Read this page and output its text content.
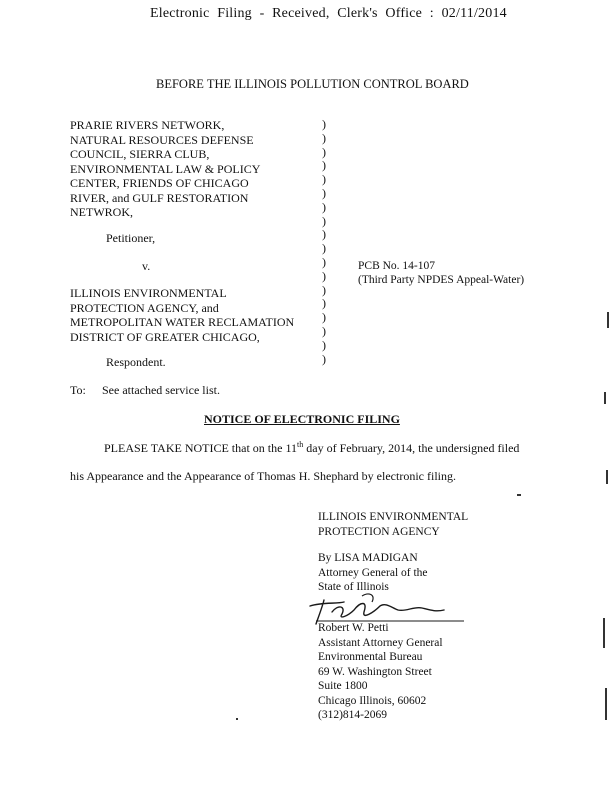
Electronic Filing - Received, Clerk's Office : 02/11/2014
BEFORE THE ILLINOIS POLLUTION CONTROL BOARD
PRARIE RIVERS NETWORK,
NATURAL RESOURCES DEFENSE
COUNCIL, SIERRA CLUB,
ENVIRONMENTAL LAW & POLICY
CENTER, FRIENDS OF CHICAGO
RIVER, and GULF RESTORATION
NETWROK,
Petitioner,
v.
)
)
)
)
)
)
)
)
)
)
)
)
)
)
)
)
)
)
PCB No. 14-107
(Third Party NPDES Appeal-Water)
ILLINOIS ENVIRONMENTAL
PROTECTION AGENCY, and
METROPOLITAN WATER RECLAMATION
DISTRICT OF GREATER CHICAGO,
Respondent.
To: See attached service list.
NOTICE OF ELECTRONIC FILING
PLEASE TAKE NOTICE that on the 11th day of February, 2014, the undersigned filed
his Appearance and the Appearance of Thomas H. Shephard by electronic filing.
ILLINOIS ENVIRONMENTAL
PROTECTION AGENCY
By LISA MADIGAN
Attorney General of the
State of Illinois
Robert W. Petti
Assistant Attorney General
Environmental Bureau
69 W. Washington Street
Suite 1800
Chicago Illinois, 60602
(312)814-2069
